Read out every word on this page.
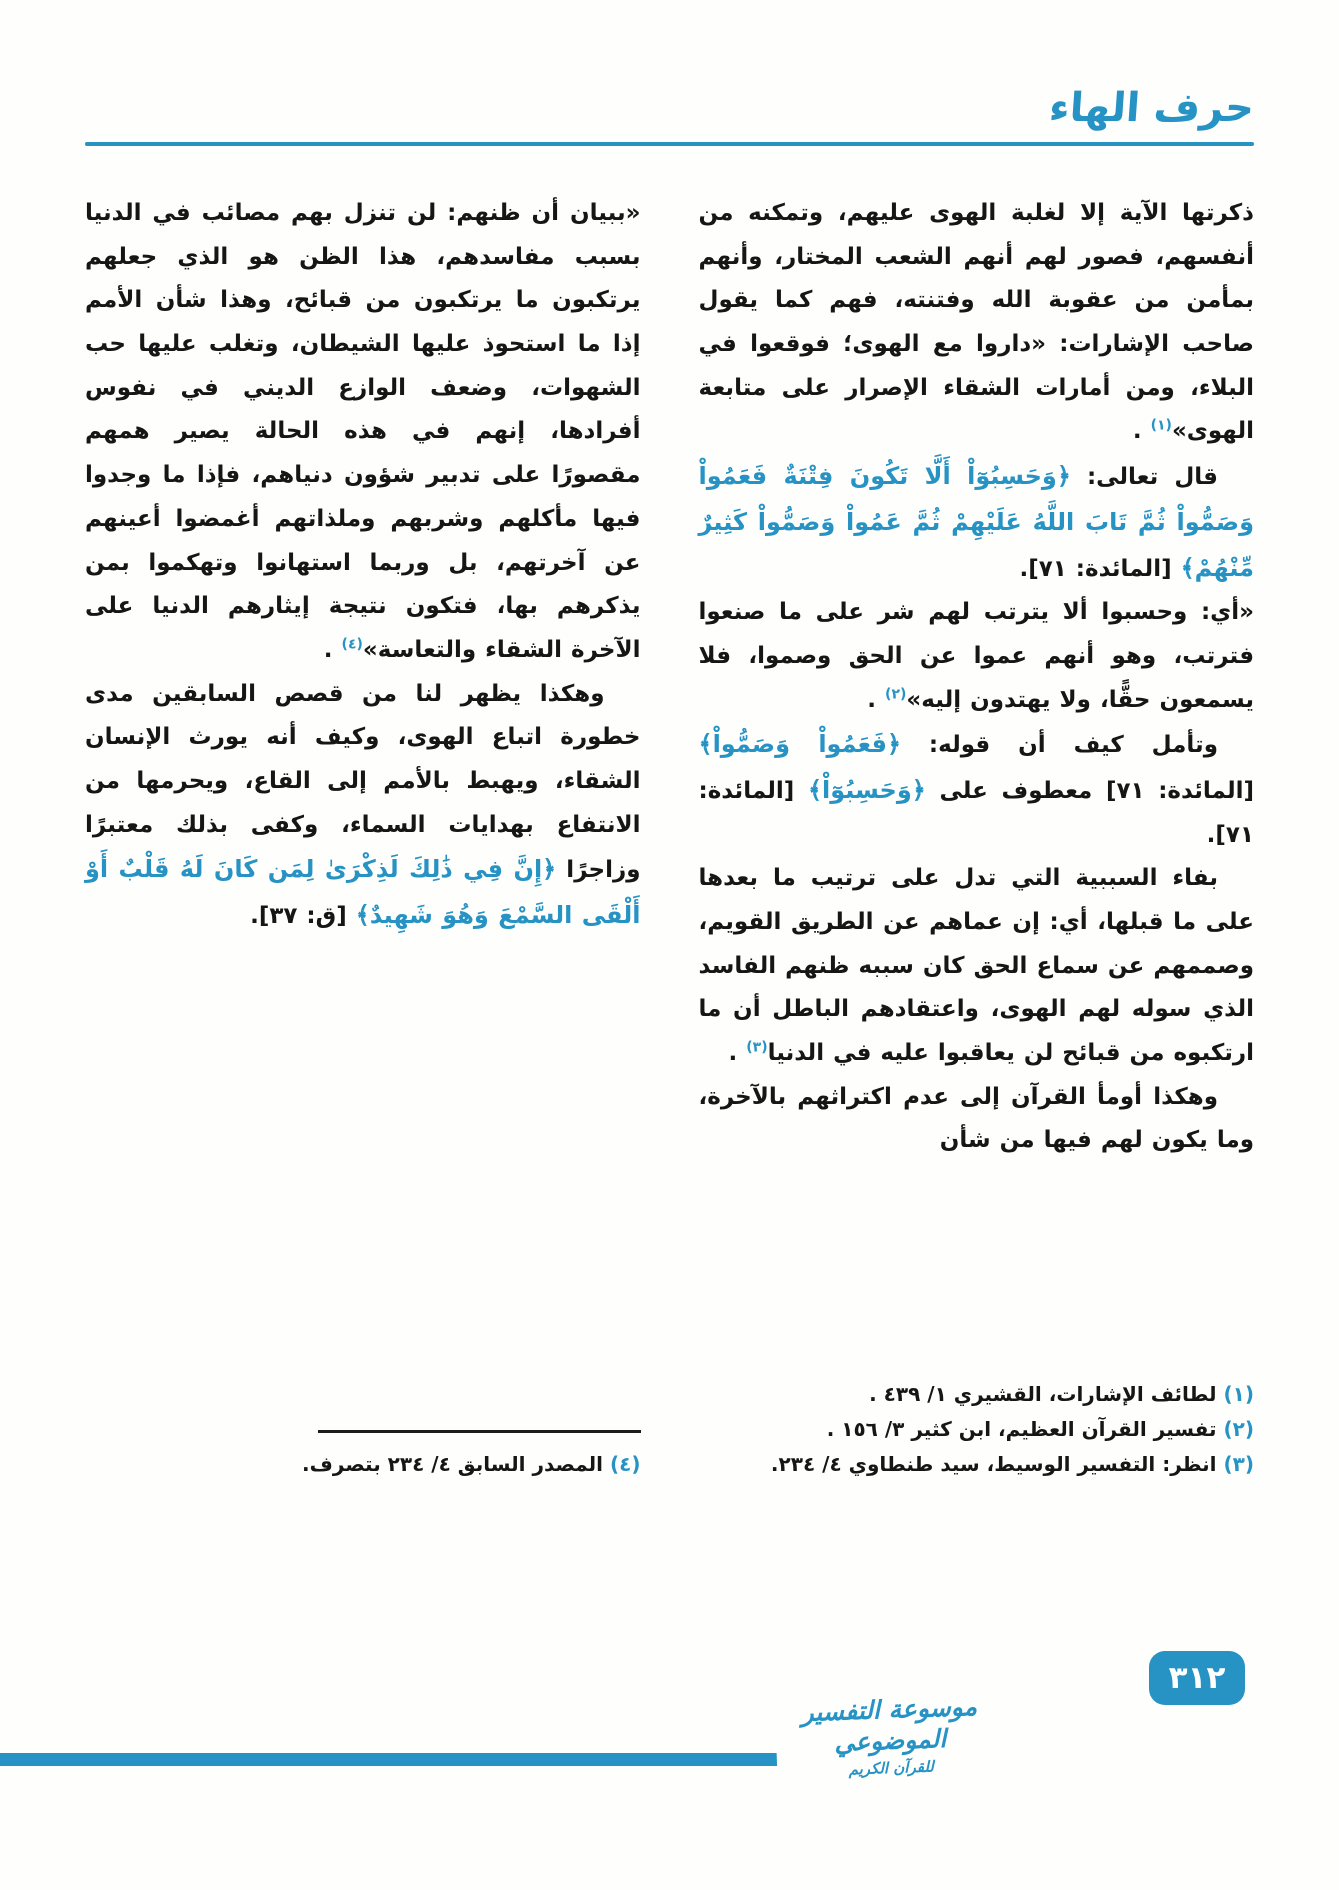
حرف الهاء

ذكرتها الآية إلا لغلبة الهوى عليهم، وتمكنه من أنفسهم، فصور لهم أنهم الشعب المختار، وأنهم بمأمن من عقوبة الله وفتنته، فهم كما يقول صاحب الإشارات: «داروا مع الهوى؛ فوقعوا في البلاء، ومن أمارات الشقاء الإصرار على متابعة الهوى»$^{(١)}$ .

قال تعالى: ﴿وَحَسِبُوٓاْ أَلَّا تَكُونَ فِتْنَةٌ فَعَمُواْ وَصَمُّواْ ثُمَّ تَابَ اللَّهُ عَلَيْهِمْ ثُمَّ عَمُواْ وَصَمُّواْ كَثِيرٌ مِّنْهُمْ﴾ [المائدة: ٧١].

«أي: وحسبوا ألا يترتب لهم شر على ما صنعوا فترتب، وهو أنهم عموا عن الحق وصموا، فلا يسمعون حقًّا، ولا يهتدون إليه»$^{(٢)}$ .

وتأمل كيف أن قوله: ﴿فَعَمُواْ وَصَمُّواْ﴾ [المائدة: ٧١] معطوف على ﴿وَحَسِبُوٓاْ﴾ [المائدة: ٧١].

بفاء السببية التي تدل على ترتيب ما بعدها على ما قبلها، أي: إن عماهم عن الطريق القويم، وصممهم عن سماع الحق كان سببه ظنهم الفاسد الذي سوله لهم الهوى، واعتقادهم الباطل أن ما ارتكبوه من قبائح لن يعاقبوا عليه في الدنيا$^{(٣)}$ .

وهكذا أومأ القرآن إلى عدم اكتراثهم بالآخرة، وما يكون لهم فيها من شأن

(١) لطائف الإشارات، القشيري ١/ ٤٣٩ .

(٢) تفسير القرآن العظيم، ابن كثير ٣/ ١٥٦ .

(٣) انظر: التفسير الوسيط، سيد طنطاوي ٤/ ٢٣٤.

«ببيان أن ظنهم: لن تنزل بهم مصائب في الدنيا بسبب مفاسدهم، هذا الظن هو الذي جعلهم يرتكبون ما يرتكبون من قبائح، وهذا شأن الأمم إذا ما استحوذ عليها الشيطان، وتغلب عليها حب الشهوات، وضعف الوازع الديني في نفوس أفرادها، إنهم في هذه الحالة يصير همهم مقصورًا على تدبير شؤون دنياهم، فإذا ما وجدوا فيها مأكلهم وشربهم وملذاتهم أغمضوا أعينهم عن آخرتهم، بل وربما استهانوا وتهكموا بمن يذكرهم بها، فتكون نتيجة إيثارهم الدنيا على الآخرة الشقاء والتعاسة»$^{(٤)}$ .

وهكذا يظهر لنا من قصص السابقين مدى خطورة اتباع الهوى، وكيف أنه يورث الإنسان الشقاء، ويهبط بالأمم إلى القاع، ويحرمها من الانتفاع بهدايات السماء، وكفى بذلك معتبرًا وزاجرًا ﴿إِنَّ فِي ذَٰلِكَ لَذِكْرَىٰ لِمَن كَانَ لَهُ قَلْبٌ أَوْ أَلْقَى السَّمْعَ وَهُوَ شَهِيدٌ﴾ [ق: ٣٧].

(٤) المصدر السابق ٤/ ٢٣٤ بتصرف.

موسوعة التفسير الموضوعي
للقرآن الكريم
٣١٢
